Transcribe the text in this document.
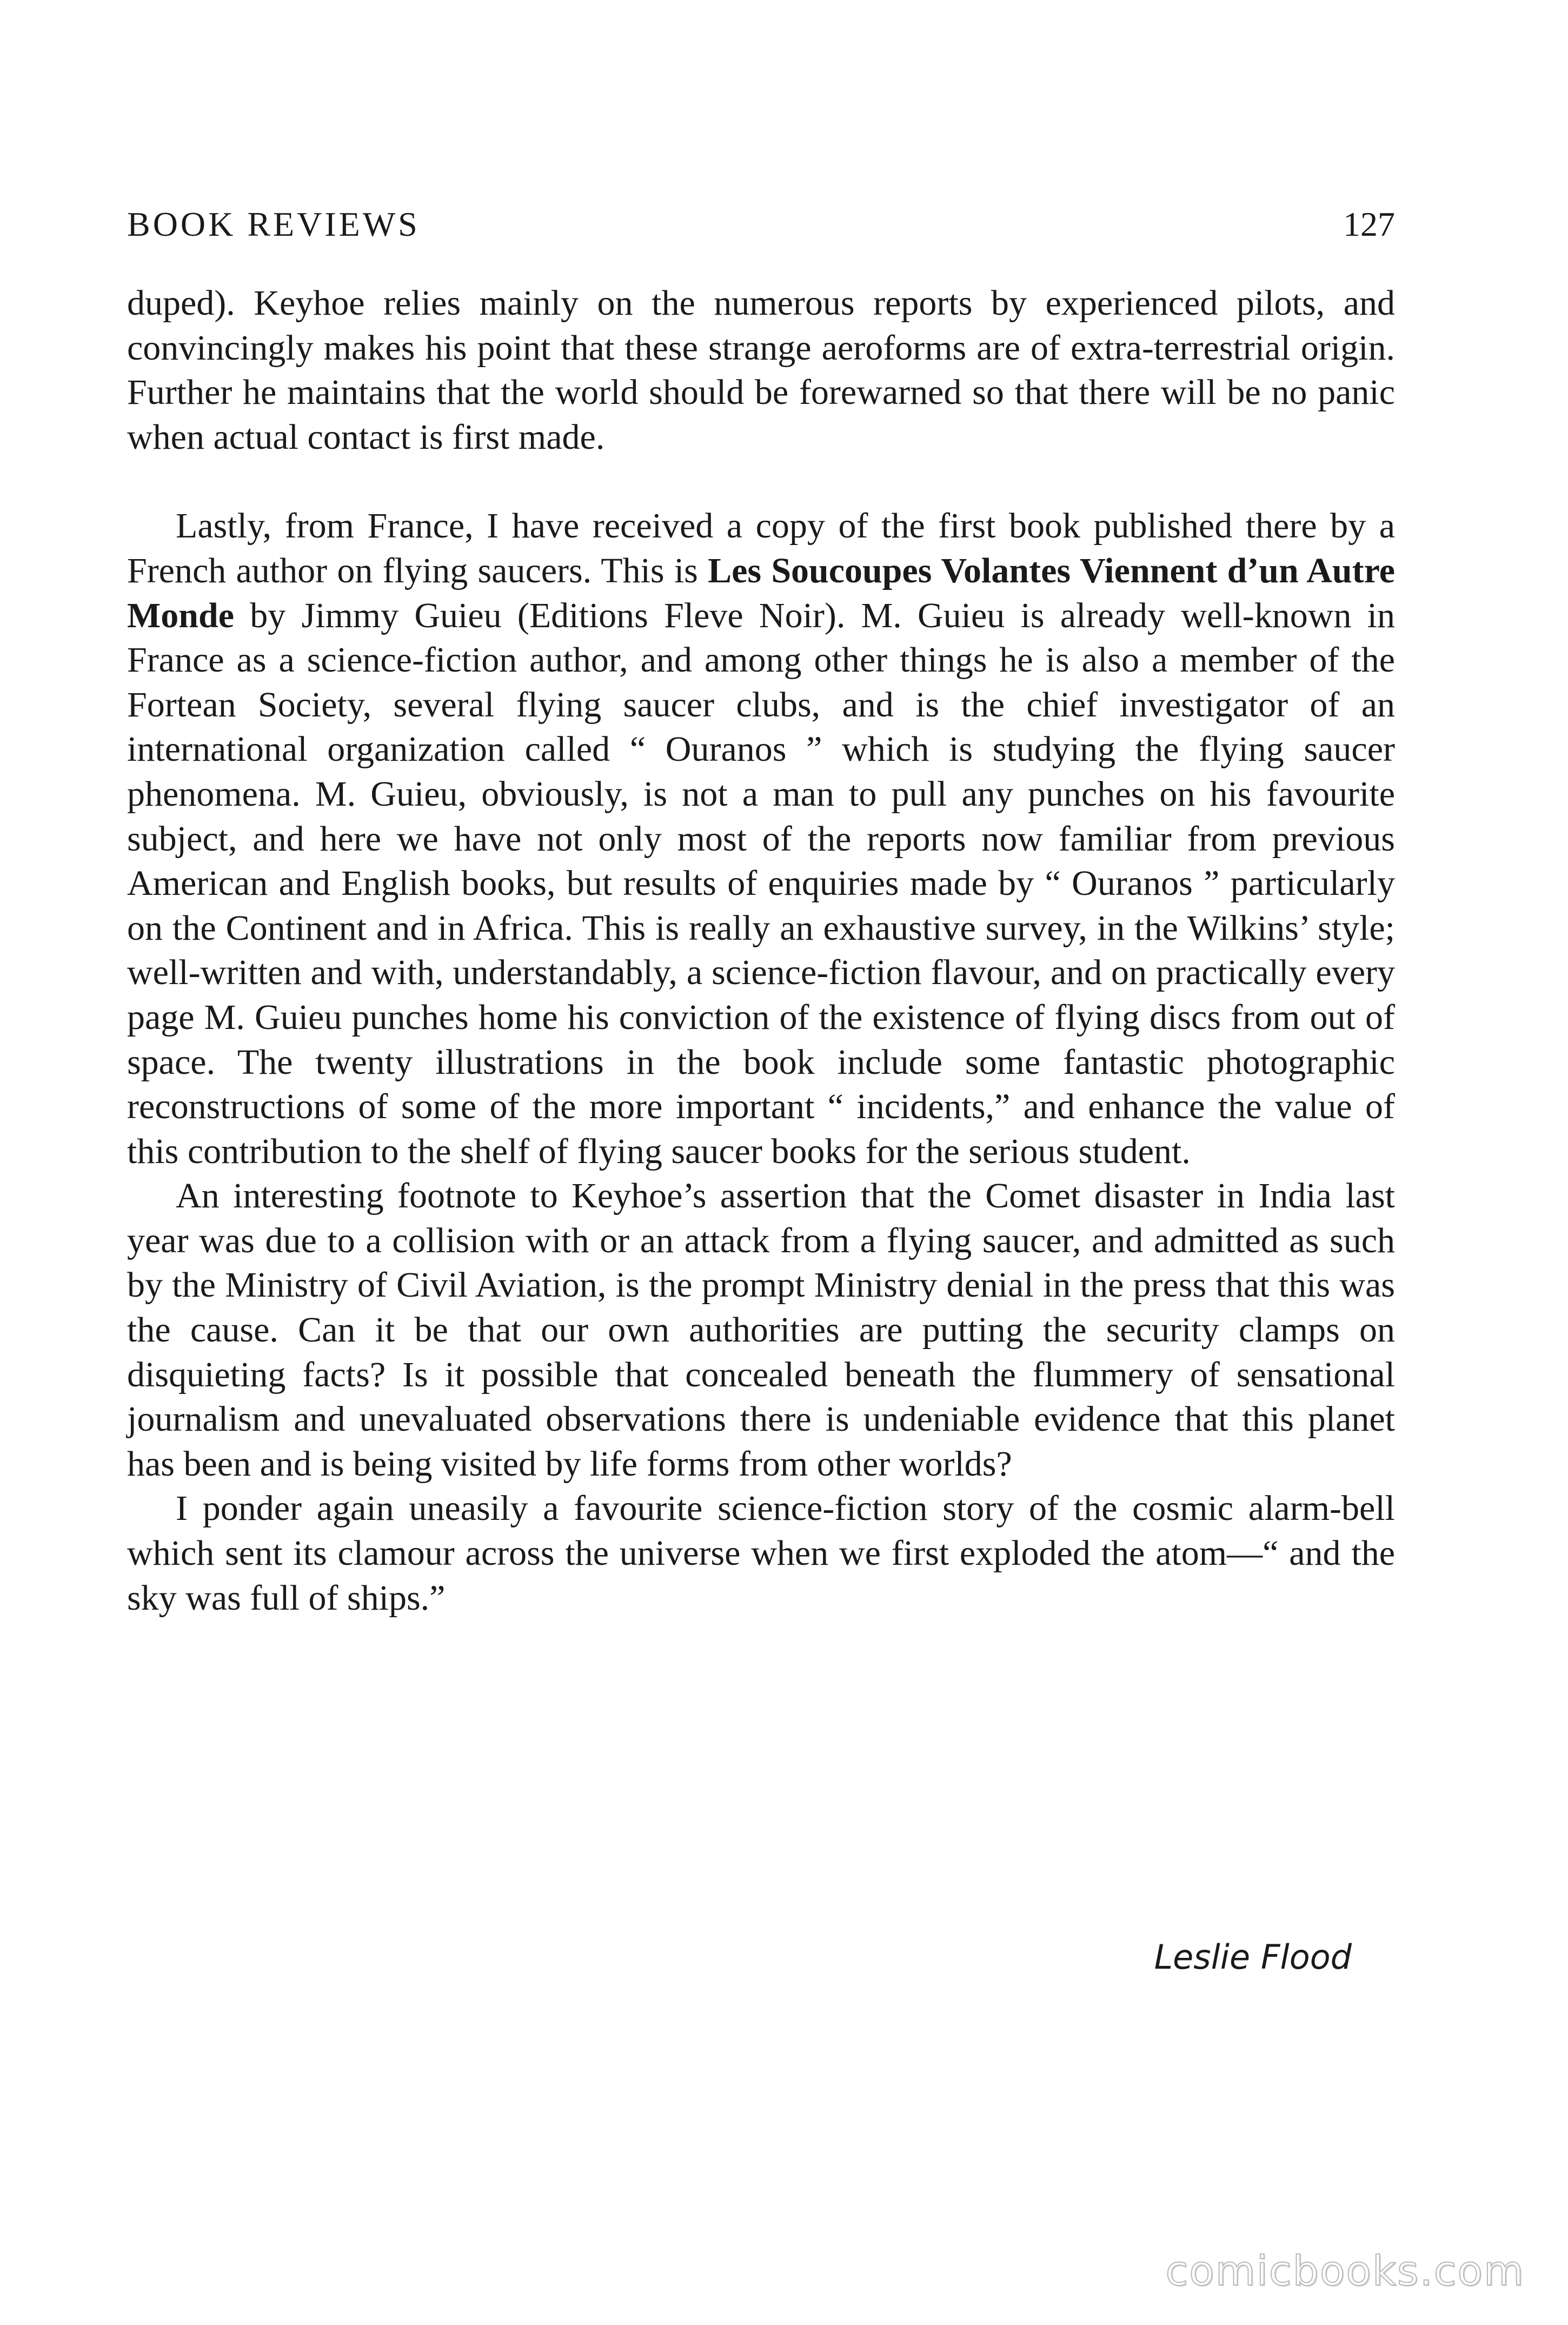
BOOK REVIEWS	127

duped). Keyhoe relies mainly on the numerous reports by experienced pilots, and convincingly makes his point that these strange aeroforms are of extra-terrestrial origin. Further he maintains that the world should be forewarned so that there will be no panic when actual contact is first made.

Lastly, from France, I have received a copy of the first book published there by a French author on flying saucers. This is Les Soucoupes Volantes Viennent d’un Autre Monde by Jimmy Guieu (Editions Fleve Noir). M. Guieu is already well-known in France as a science-fiction author, and among other things he is also a member of the Fortean Society, several flying saucer clubs, and is the chief investigator of an international organization called “ Ouranos ” which is studying the flying saucer phenomena. M. Guieu, obviously, is not a man to pull any punches on his favourite subject, and here we have not only most of the reports now familiar from previous American and English books, but results of enquiries made by “ Ouranos ” particularly on the Continent and in Africa. This is really an exhaustive survey, in the Wilkins’ style; well-written and with, understandably, a science-fiction flavour, and on practically every page M. Guieu punches home his conviction of the existence of flying discs from out of space. The twenty illustrations in the book include some fantastic photographic reconstructions of some of the more important “ incidents,” and enhance the value of this contribution to the shelf of flying saucer books for the serious student.

An interesting footnote to Keyhoe’s assertion that the Comet disaster in India last year was due to a collision with or an attack from a flying saucer, and admitted as such by the Ministry of Civil Aviation, is the prompt Ministry denial in the press that this was the cause. Can it be that our own authorities are putting the security clamps on disquieting facts? Is it possible that concealed beneath the flummery of sensational journalism and unevaluated observations there is undeniable evidence that this planet has been and is being visited by life forms from other worlds?

I ponder again uneasily a favourite science-fiction story of the cosmic alarm-bell which sent its clamour across the universe when we first exploded the atom—“ and the sky was full of ships.”

Leslie Flood
comicbooks.com
